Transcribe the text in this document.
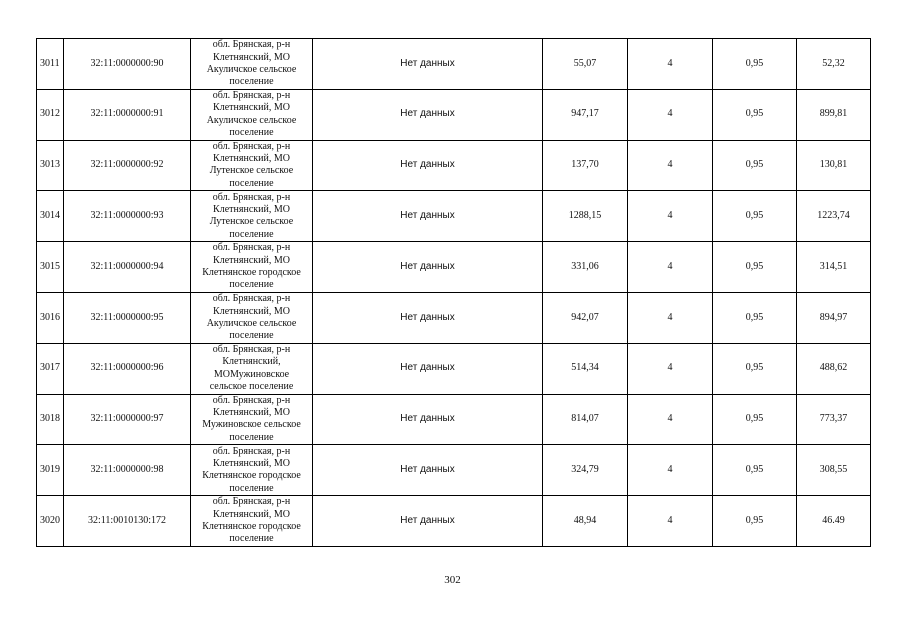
3011	32:11:0000000:90	обл. Брянская, р-н
Клетнянский, МО
Акуличское сельское
поселение	Нет данных	55,07	4	0,95	52,32
3012	32:11:0000000:91	обл. Брянская, р-н
Клетнянский, МО
Акуличское сельское
поселение	Нет данных	947,17	4	0,95	899,81
3013	32:11:0000000:92	обл. Брянская, р-н
Клетнянский, МО
Лутенское сельское
поселение	Нет данных	137,70	4	0,95	130,81
3014	32:11:0000000:93	обл. Брянская, р-н
Клетнянский, МО
Лутенское сельское
поселение	Нет данных	1288,15	4	0,95	1223,74
3015	32:11:0000000:94	обл. Брянская, р-н
Клетнянский, МО
Клетнянское городское
поселение	Нет данных	331,06	4	0,95	314,51
3016	32:11:0000000:95	обл. Брянская, р-н
Клетнянский, МО
Акуличское сельское
поселение	Нет данных	942,07	4	0,95	894,97
3017	32:11:0000000:96	обл. Брянская, р-н
Клетнянский,
МОМужиновское
сельское поселение	Нет данных	514,34	4	0,95	488,62
3018	32:11:0000000:97	обл. Брянская, р-н
Клетнянский, МО
Мужиновское сельское
поселение	Нет данных	814,07	4	0,95	773,37
3019	32:11:0000000:98	обл. Брянская, р-н
Клетнянский, МО
Клетнянское городское
поселение	Нет данных	324,79	4	0,95	308,55
3020	32:11:0010130:172	обл. Брянская, р-н
Клетнянский, МО
Клетнянское городское
поселение	Нет данных	48,94	4	0,95	46.49
302
